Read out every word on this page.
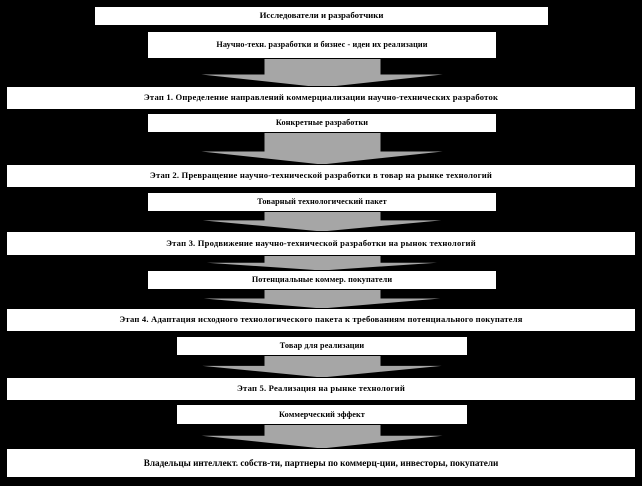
Исследователи и разработчики
Научно-техн. разработки и бизнес - идеи их реализации
Этап 1. Определение направлений коммерциализации научно-технических разработок
Конкретные разработки
Этап 2. Превращение научно-технической разработки в товар на рынке технологий
Товарный технологический пакет
Этап 3. Продвижение научно-технической разработки на рынок технологий
Потенциальные коммер. покупатели
Этап 4. Адаптация исходного технологического пакета к требованиям потенциального покупателя
Товар для реализации
Этап 5. Реализация на рынке технологий
Коммерческий эффект
Владельцы интеллект. собств-ти, партнеры по коммерц-ции, инвесторы, покупатели
